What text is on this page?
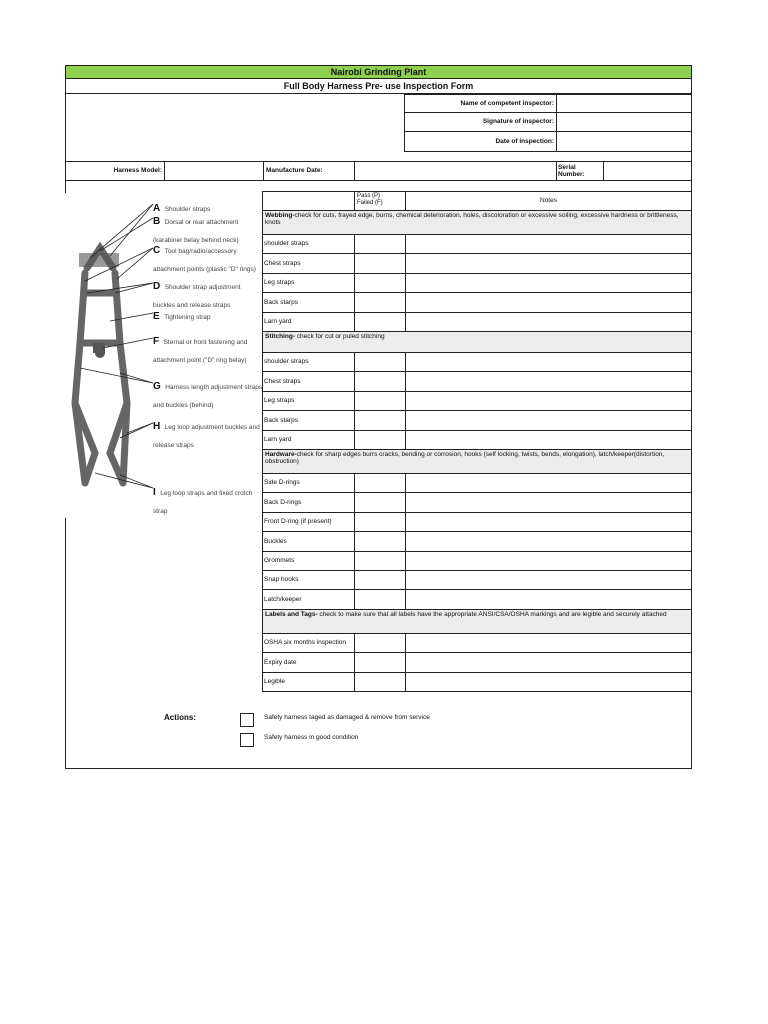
Nairobi Grinding Plant
Full Body Harness Pre- use Inspection Form
Name of competent inspector:
Signature of inspector:
Date of inspection:
Harness Model:	Manufacture Date:
Serial Number:
A Shoulder straps
B Dorsal or rear attachment (karabiner belay behind neck)
C Tool bag/radio/accessory attachment points (plastic "D" rings)
D Shoulder strap adjustment buckles and release straps
E Tightening strap
F Sternal or front fastening and attachment point ("D" ring belay)
G Harness length adjustment straps and buckles (behind)
H Leg loop adjustment buckles and release straps
I Leg loop straps and fixed crotch strap
Pass (P)
Failed (F)	Notes
Webbing-check for cuts, frayed edge, burns, chemical deterioration, holes, discoloration or excessive soiling, excessive hardness or brittleness, knots
shoulder straps
Chest straps
Leg straps
Back starps
Larn yard
Stitching- check for cut or puled stitching
shoulder straps
Chest straps
Leg straps
Back starps
Larn yard
Hardware-check for sharp edges burrs cracks, bending or corrosion, hooks (self locking, twists, bends, elongation), latch/keeper(distortion, obstruction)
Side D-rings
Back D-rings
Front D-ring (if present)
Buckles
Grommets
Snap hooks
Latch/keeper
Labels and Tags- check to make sure that all labels have the appropriate ANSI/CSA/OSHA markings and are legible and securely attached
OSHA six months inspection
Expiry date
Legible
Actions:	Safety harness taged as damaged & remove from service
Safety harness in good condition
